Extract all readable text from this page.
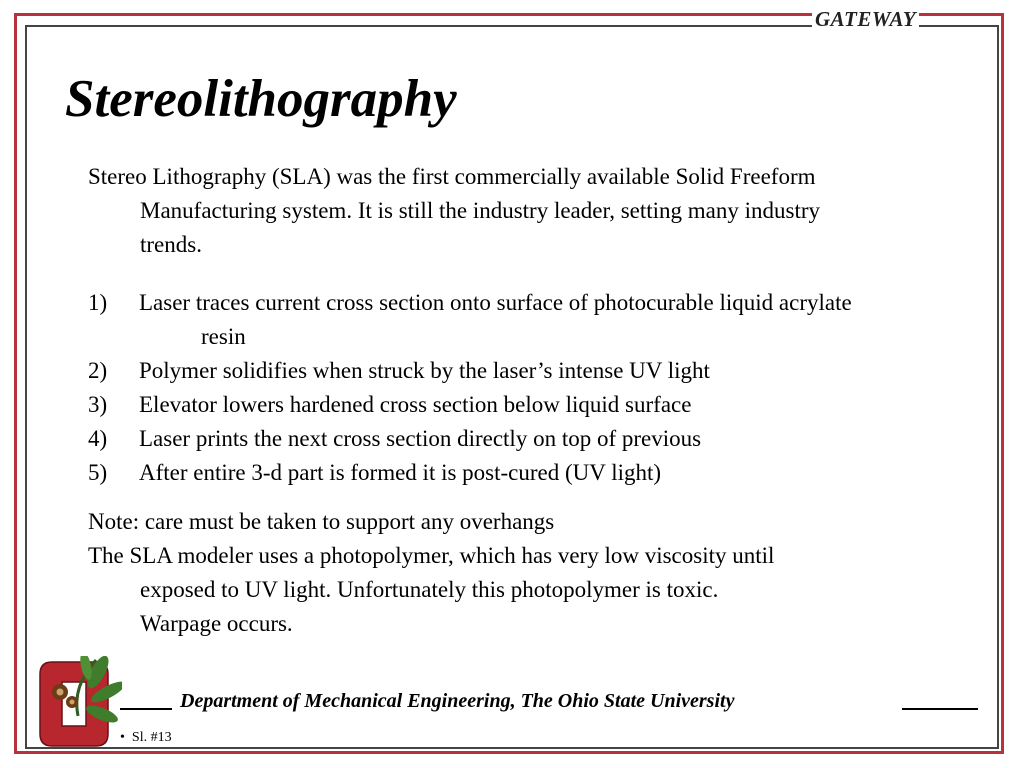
GATEWAY
Stereolithography

Stereo Lithography (SLA) was the first commercially available Solid Freeform Manufacturing system. It is still the industry leader, setting many industry trends.

1)	Laser traces current cross section onto surface of photocurable liquid acrylate resin
2)	Polymer solidifies when struck by the laser’s intense UV light
3)	Elevator lowers hardened cross section below liquid surface
4)	Laser prints the next cross section directly on top of previous
5)	After entire 3-d part is formed it is post-cured (UV light)

Note: care must be taken to support any overhangs

The SLA modeler uses a photopolymer, which has very low viscosity until exposed to UV light. Unfortunately this photopolymer is toxic. Warpage occurs.

Department of Mechanical Engineering, The Ohio State University
• Sl. #13
